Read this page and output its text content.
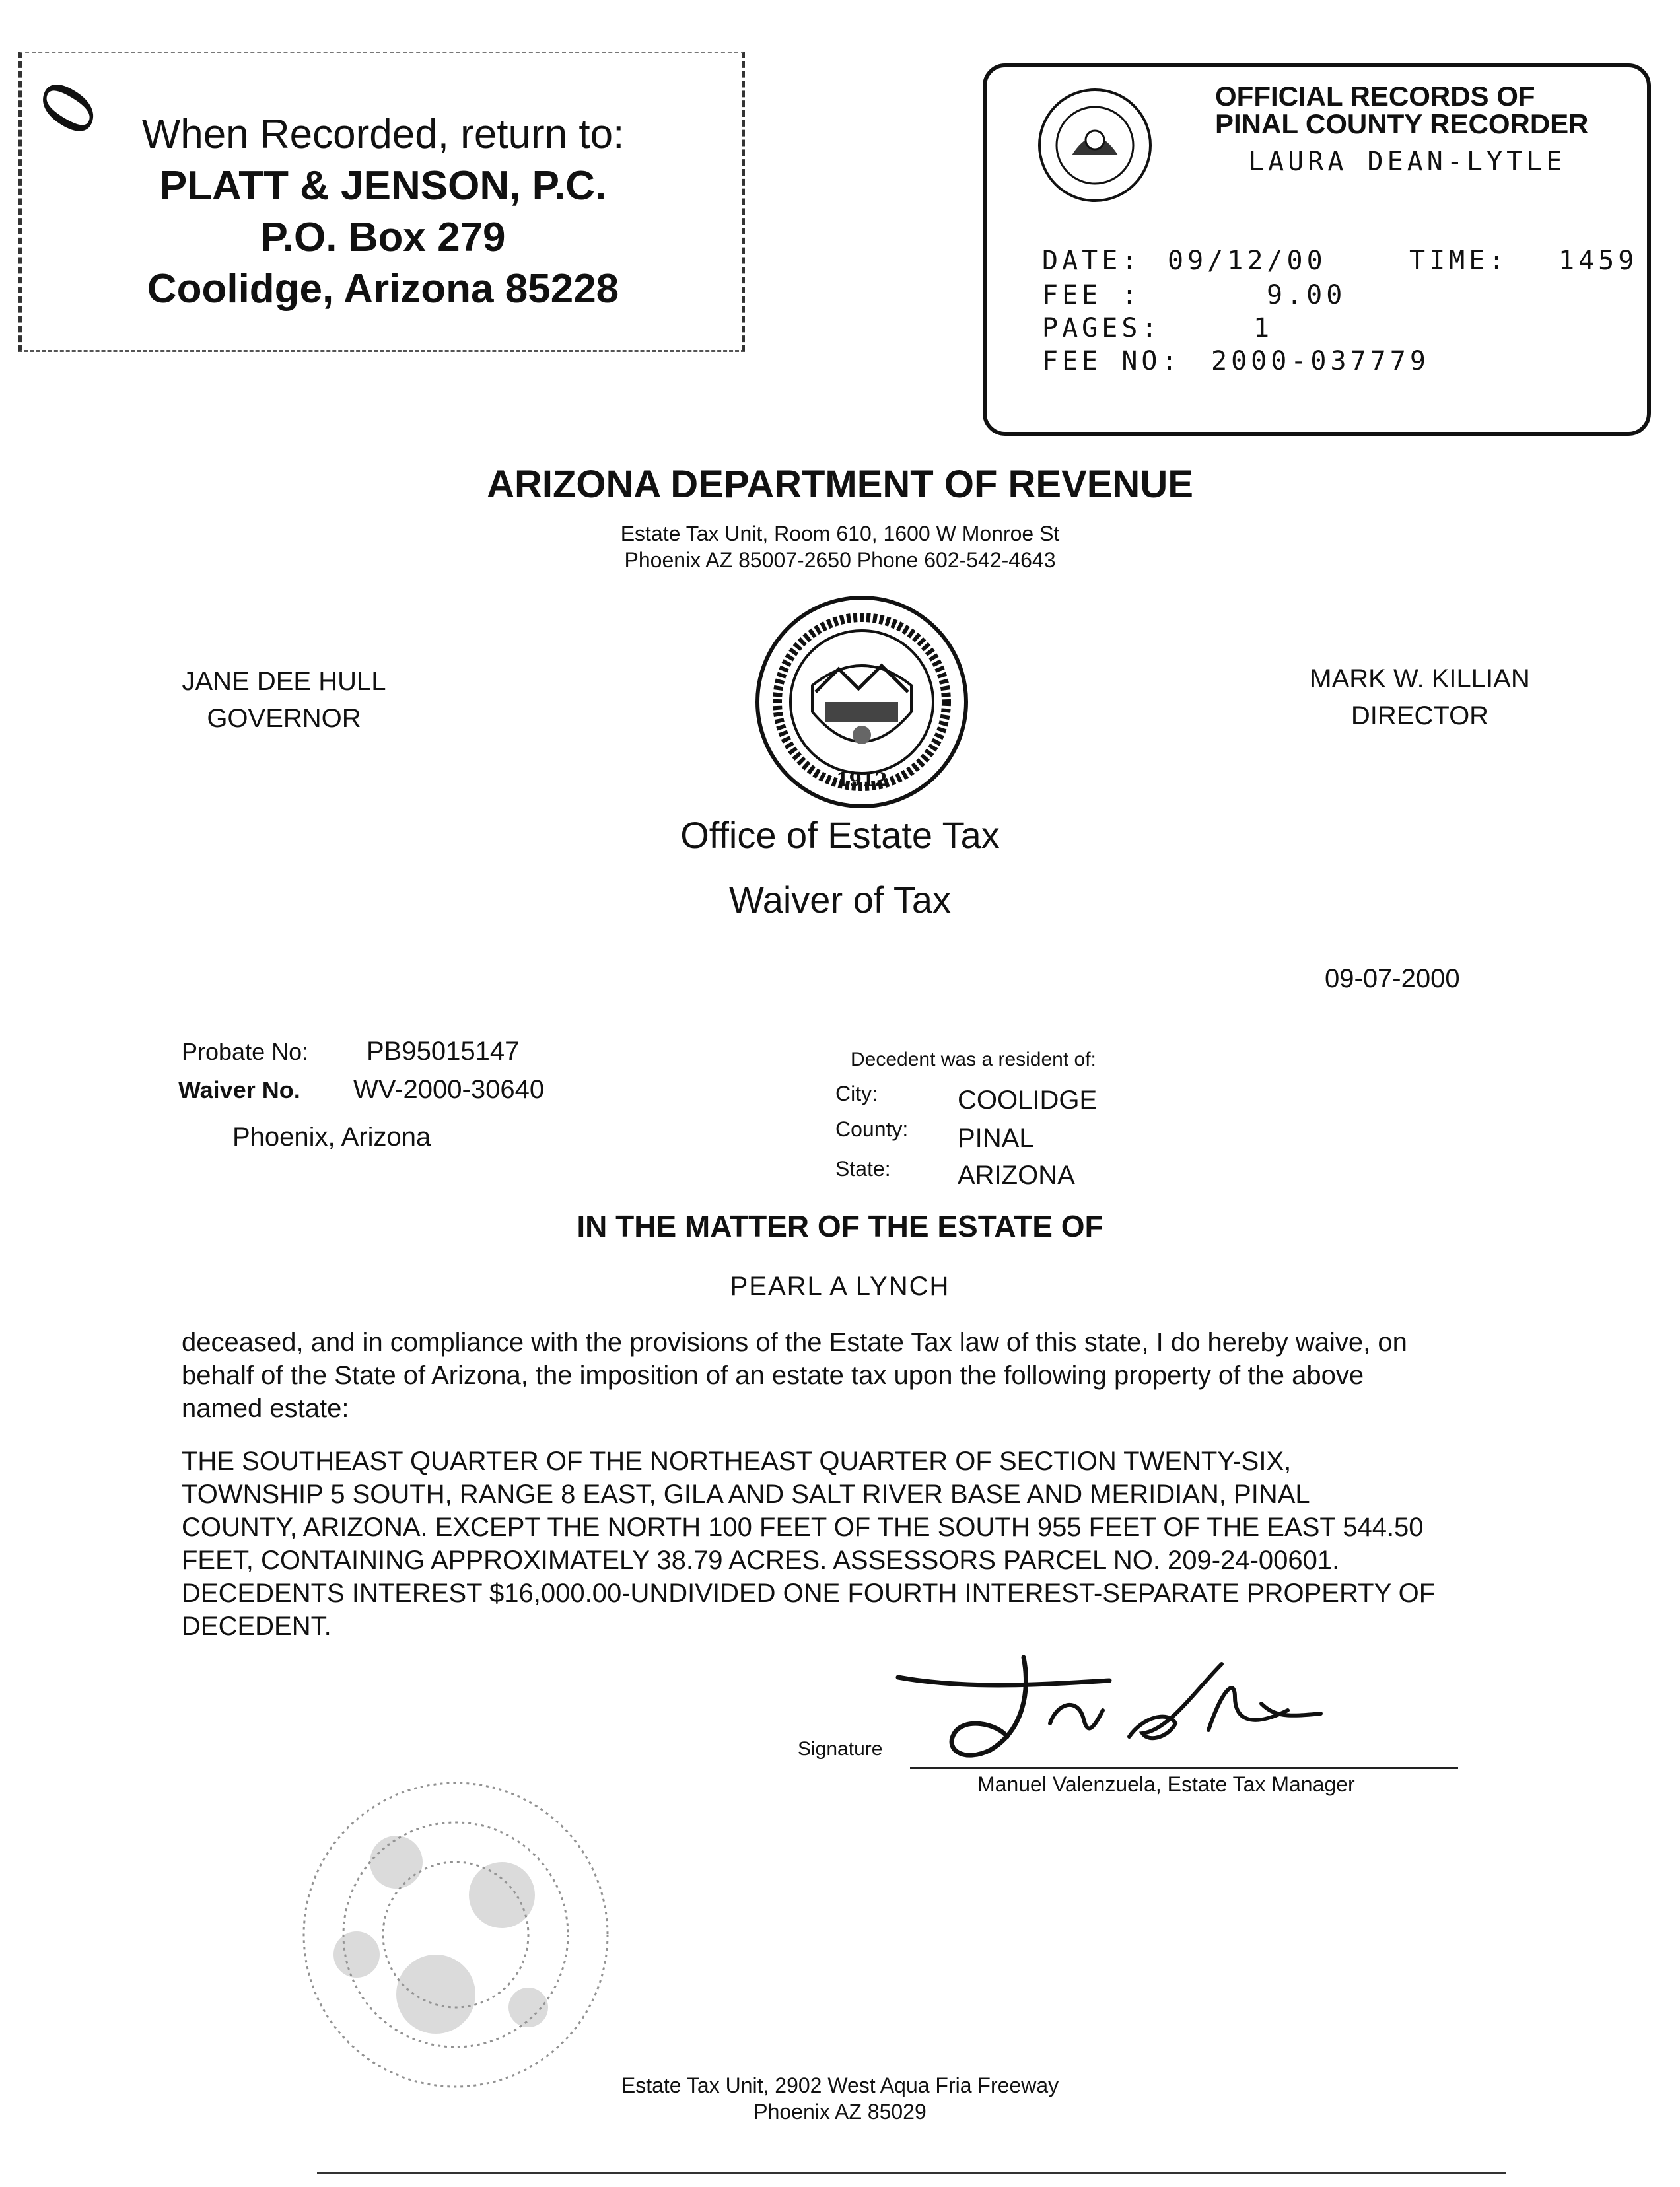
0 When Recorded, return to:
PLATT & JENSON, P.C.
P.O. Box 279
Coolidge, Arizona 85228
OFFICIAL RECORDS OF
PINAL COUNTY RECORDER
LAURA DEAN-LYTLE
DATE: 09/12/00	TIME: 1459
FEE :	9.00
PAGES:	1
FEE NO: 2000-037779
ARIZONA DEPARTMENT OF REVENUE
Estate Tax Unit, Room 610, 1600 W Monroe St
Phoenix AZ 85007-2650 Phone 602-542-4643
JANE DEE HULL
GOVERNOR
MARK W. KILLIAN
DIRECTOR
1912
Office of Estate Tax
Waiver of Tax
09-07-2000
Probate No: PB95015147
Waiver No. WV-2000-30640
Phoenix, Arizona
Decedent was a resident of:
City:	COOLIDGE
County: PINAL
State:	ARIZONA
IN THE MATTER OF THE ESTATE OF
PEARL A LYNCH
deceased, and in compliance with the provisions of the Estate Tax law of this state, I do hereby waive, on
behalf of the State of Arizona, the imposition of an estate tax upon the following property of the above
named estate:
THE SOUTHEAST QUARTER OF THE NORTHEAST QUARTER OF SECTION TWENTY-SIX,
TOWNSHIP 5 SOUTH, RANGE 8 EAST, GILA AND SALT RIVER BASE AND MERIDIAN, PINAL
COUNTY, ARIZONA. EXCEPT THE NORTH 100 FEET OF THE SOUTH 955 FEET OF THE EAST 544.50
FEET, CONTAINING APPROXIMATELY 38.79 ACRES. ASSESSORS PARCEL NO. 209-24-00601.
DECEDENTS INTEREST $16,000.00-UNDIVIDED ONE FOURTH INTEREST-SEPARATE PROPERTY OF
DECEDENT.
Signature
Manuel Valenzuela, Estate Tax Manager
Estate Tax Unit, 2902 West Aqua Fria Freeway
Phoenix AZ 85029
